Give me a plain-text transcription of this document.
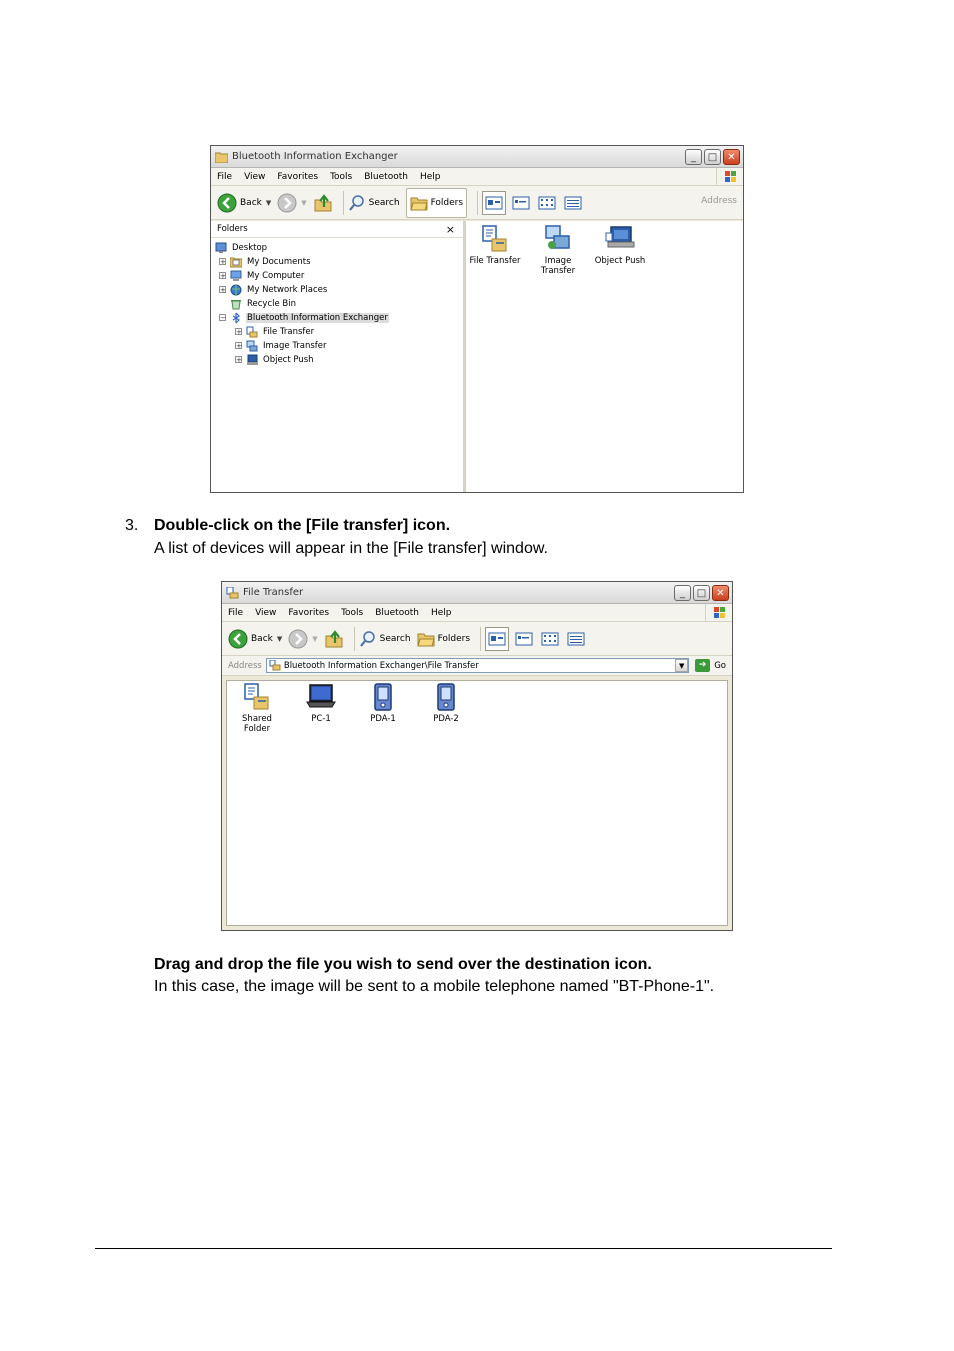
Bluetooth Information Exchanger	_	□	✕
File View Favorites Tools Bluetooth Help
Back ▼	▼	Search	Folders	Address
Folders	×
Desktop
+ My Documents
+ My Computer
+ My Network Places
Recycle Bin
− Bluetooth Information Exchanger
+ File Transfer
+ Image Transfer
+ Object Push
File Transfer	Image Transfer
Object Push
3. Double-click on the [File transfer] icon.
A list of devices will appear in the [File transfer] window.
File Transfer	_	□	✕
File View Favorites Tools Bluetooth Help
Back ▼	▼	Search	Folders
Address	Bluetooth Information Exchanger\File Transfer	▼	➔ Go
Shared Folder
PC-1	PDA-1	PDA-2
Drag and drop the file you wish to send over the destination icon.
In this case, the image will be sent to a mobile telephone named "BT-Phone-1".
